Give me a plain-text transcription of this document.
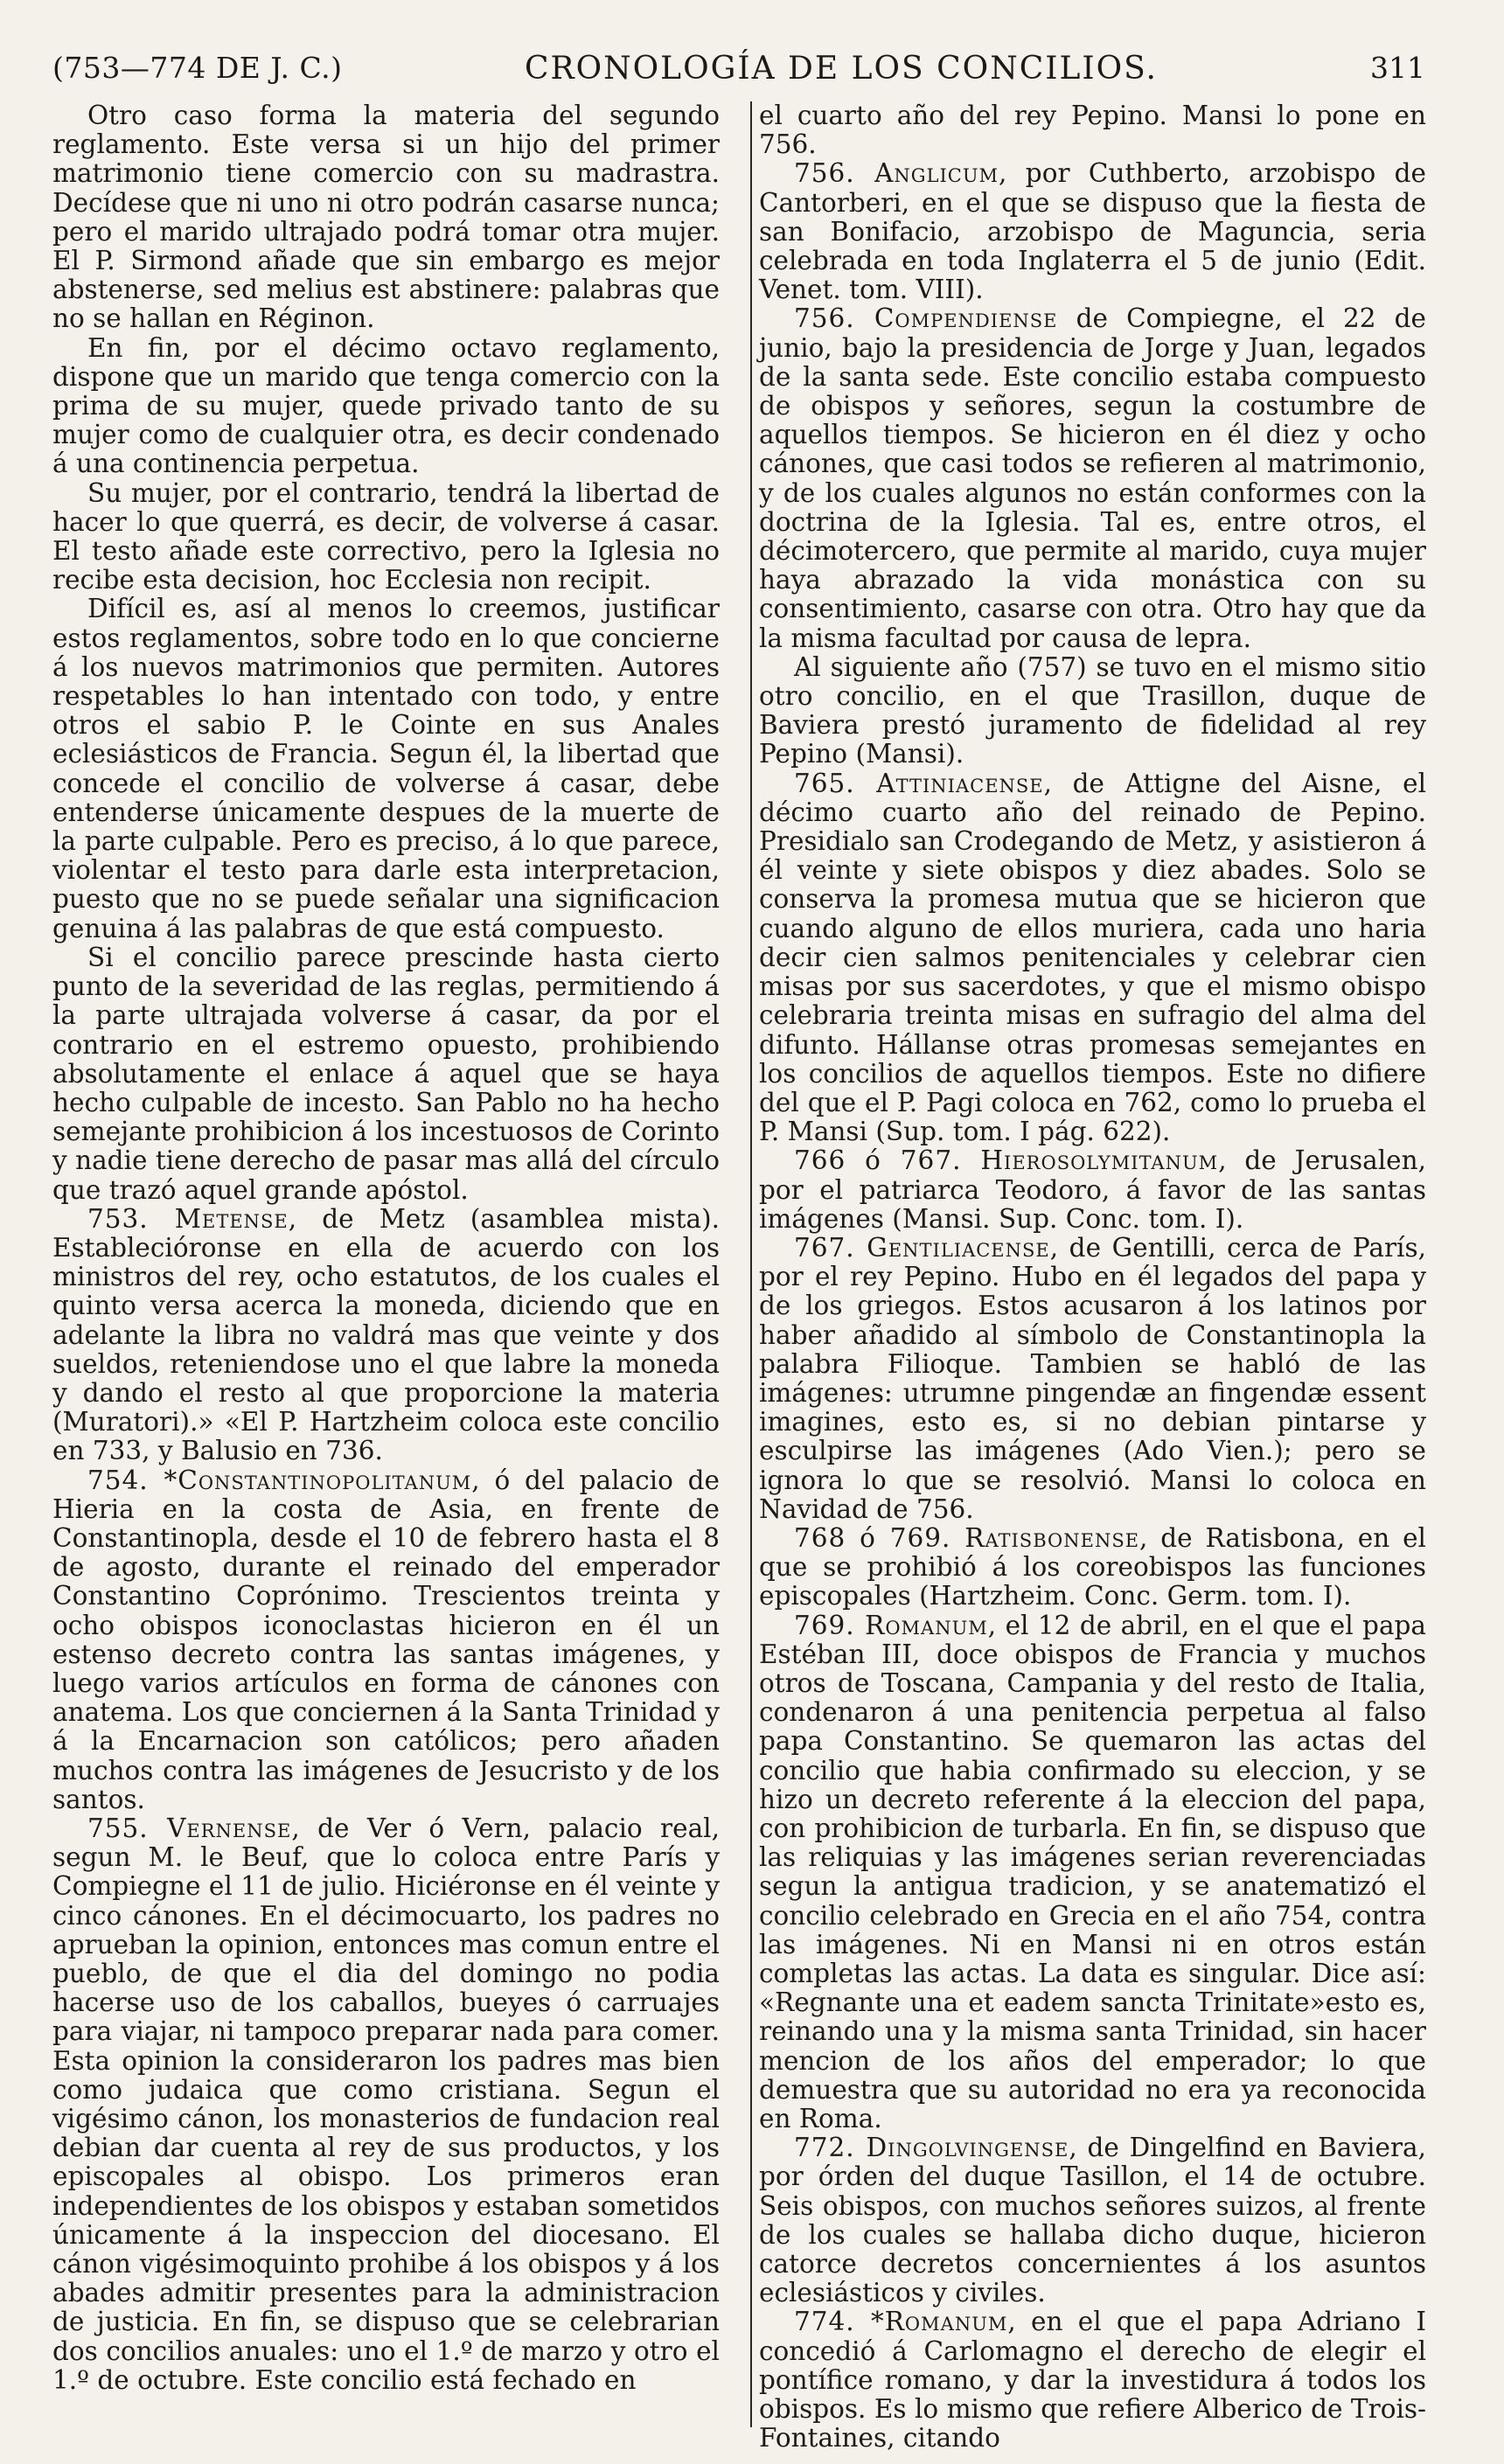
(753—774 DE J. C.)	CRONOLOGÍA DE LOS CONCILIOS.	311

Otro caso forma la materia del segundo reglamento. Este versa si un hijo del primer matrimonio tiene comercio con su madrastra. Decídese que ni uno ni otro podrán casarse nunca; pero el marido ultrajado podrá tomar otra mujer. El P. Sirmond añade que sin embargo es mejor abstenerse, sed melius est abstinere: palabras que no se hallan en Réginon.

En fin, por el décimo octavo reglamento, dispone que un marido que tenga comercio con la prima de su mujer, quede privado tanto de su mujer como de cualquier otra, es decir condenado á una continencia perpetua.

Su mujer, por el contrario, tendrá la libertad de hacer lo que querrá, es decir, de volverse á casar. El testo añade este correctivo, pero la Iglesia no recibe esta decision, hoc Ecclesia non recipit.

Difícil es, así al menos lo creemos, justificar estos reglamentos, sobre todo en lo que concierne á los nuevos matrimonios que permiten. Autores respetables lo han intentado con todo, y entre otros el sabio P. le Cointe en sus Anales eclesiásticos de Francia. Segun él, la libertad que concede el concilio de volverse á casar, debe entenderse únicamente despues de la muerte de la parte culpable. Pero es preciso, á lo que parece, violentar el testo para darle esta interpretacion, puesto que no se puede señalar una significacion genuina á las palabras de que está compuesto.

Si el concilio parece prescinde hasta cierto punto de la severidad de las reglas, permitiendo á la parte ultrajada volverse á casar, da por el contrario en el estremo opuesto, prohibiendo absolutamente el enlace á aquel que se haya hecho culpable de incesto. San Pablo no ha hecho semejante prohibicion á los incestuosos de Corinto y nadie tiene derecho de pasar mas allá del círculo que trazó aquel grande apóstol.

753. Metense, de Metz (asamblea mista). Establecióronse en ella de acuerdo con los ministros del rey, ocho estatutos, de los cuales el quinto versa acerca la moneda, diciendo que en adelante la libra no valdrá mas que veinte y dos sueldos, reteniendose uno el que labre la moneda y dando el resto al que proporcione la materia (Muratori).» «El P. Hartzheim coloca este concilio en 733, y Balusio en 736.

754. *Constantinopolitanum, ó del palacio de Hieria en la costa de Asia, en frente de Constantinopla, desde el 10 de febrero hasta el 8 de agosto, durante el reinado del emperador Constantino Coprónimo. Trescientos treinta y ocho obispos iconoclastas hicieron en él un estenso decreto contra las santas imágenes, y luego varios artículos en forma de cánones con anatema. Los que conciernen á la Santa Trinidad y á la Encarnacion son católicos; pero añaden muchos contra las imágenes de Jesucristo y de los santos.

755. Vernense, de Ver ó Vern, palacio real, segun M. le Beuf, que lo coloca entre París y Compiegne el 11 de julio. Hiciéronse en él veinte y cinco cánones. En el décimocuarto, los padres no aprueban la opinion, entonces mas comun entre el pueblo, de que el dia del domingo no podia hacerse uso de los caballos, bueyes ó carruajes para viajar, ni tampoco preparar nada para comer. Esta opinion la consideraron los padres mas bien como judaica que como cristiana. Segun el vigésimo cánon, los monasterios de fundacion real debian dar cuenta al rey de sus productos, y los episcopales al obispo. Los primeros eran independientes de los obispos y estaban sometidos únicamente á la inspeccion del diocesano. El cánon vigésimoquinto prohibe á los obispos y á los abades admitir presentes para la administracion de justicia. En fin, se dispuso que se celebrarian dos concilios anuales: uno el 1.º de marzo y otro el 1.º de octubre. Este concilio está fechado en

el cuarto año del rey Pepino. Mansi lo pone en 756.

756. Anglicum, por Cuthberto, arzobispo de Cantorberi, en el que se dispuso que la fiesta de san Bonifacio, arzobispo de Maguncia, seria celebrada en toda Inglaterra el 5 de junio (Edit. Venet. tom. VIII).

756. Compendiense de Compiegne, el 22 de junio, bajo la presidencia de Jorge y Juan, legados de la santa sede. Este concilio estaba compuesto de obispos y señores, segun la costumbre de aquellos tiempos. Se hicieron en él diez y ocho cánones, que casi todos se refieren al matrimonio, y de los cuales algunos no están conformes con la doctrina de la Iglesia. Tal es, entre otros, el décimotercero, que permite al marido, cuya mujer haya abrazado la vida monástica con su consentimiento, casarse con otra. Otro hay que da la misma facultad por causa de lepra.

Al siguiente año (757) se tuvo en el mismo sitio otro concilio, en el que Trasillon, duque de Baviera prestó juramento de fidelidad al rey Pepino (Mansi).

765. Attiniacense, de Attigne del Aisne, el décimo cuarto año del reinado de Pepino. Presidialo san Crodegando de Metz, y asistieron á él veinte y siete obispos y diez abades. Solo se conserva la promesa mutua que se hicieron que cuando alguno de ellos muriera, cada uno haria decir cien salmos penitenciales y celebrar cien misas por sus sacerdotes, y que el mismo obispo celebraria treinta misas en sufragio del alma del difunto. Hállanse otras promesas semejantes en los concilios de aquellos tiempos. Este no difiere del que el P. Pagi coloca en 762, como lo prueba el P. Mansi (Sup. tom. I pág. 622).

766 ó 767. Hierosolymitanum, de Jerusalen, por el patriarca Teodoro, á favor de las santas imágenes (Mansi. Sup. Conc. tom. I).

767. Gentiliacense, de Gentilli, cerca de París, por el rey Pepino. Hubo en él legados del papa y de los griegos. Estos acusaron á los latinos por haber añadido al símbolo de Constantinopla la palabra Filioque. Tambien se habló de las imágenes: utrumne pingendæ an fingendæ essent imagines, esto es, si no debian pintarse y esculpirse las imágenes (Ado Vien.); pero se ignora lo que se resolvió. Mansi lo coloca en Navidad de 756.

768 ó 769. Ratisbonense, de Ratisbona, en el que se prohibió á los coreobispos las funciones episcopales (Hartzheim. Conc. Germ. tom. I).

769. Romanum, el 12 de abril, en el que el papa Estéban III, doce obispos de Francia y muchos otros de Toscana, Campania y del resto de Italia, condenaron á una penitencia perpetua al falso papa Constantino. Se quemaron las actas del concilio que habia confirmado su eleccion, y se hizo un decreto referente á la eleccion del papa, con prohibicion de turbarla. En fin, se dispuso que las reliquias y las imágenes serian reverenciadas segun la antigua tradicion, y se anatematizó el concilio celebrado en Grecia en el año 754, contra las imágenes. Ni en Mansi ni en otros están completas las actas. La data es singular. Dice así: «Regnante una et eadem sancta Trinitate»esto es, reinando una y la misma santa Trinidad, sin hacer mencion de los años del emperador; lo que demuestra que su autoridad no era ya reconocida en Roma.

772. Dingolvingense, de Dingelfind en Baviera, por órden del duque Tasillon, el 14 de octubre. Seis obispos, con muchos señores suizos, al frente de los cuales se hallaba dicho duque, hicieron catorce decretos concernientes á los asuntos eclesiásticos y civiles.

774. *Romanum, en el que el papa Adriano I concedió á Carlomagno el derecho de elegir el pontífice romano, y dar la investidura á todos los obispos. Es lo mismo que refiere Alberico de Trois-Fontaines, citando
